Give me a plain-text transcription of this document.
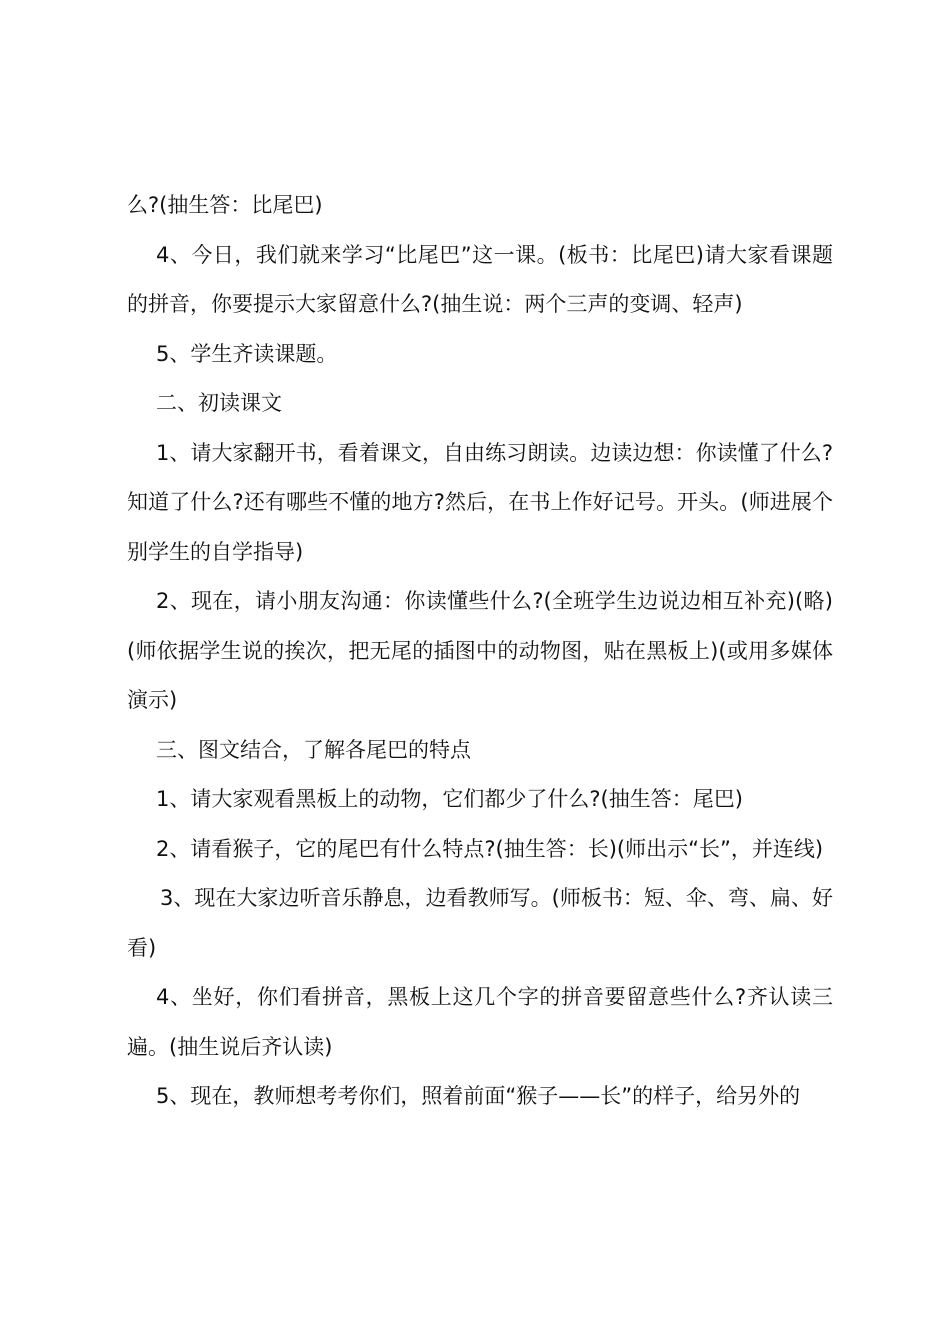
么?(抽生答：比尾巴)

4、今日，我们就来学习“比尾巴”这一课。(板书：比尾巴)请大家看课题的拼音，你要提示大家留意什么?(抽生说：两个三声的变调、轻声)

5、学生齐读课题。

二、初读课文

1、请大家翻开书，看着课文，自由练习朗读。边读边想：你读懂了什么?知道了什么?还有哪些不懂的地方?然后，在书上作好记号。开头。(师进展个别学生的自学指导)

2、现在，请小朋友沟通：你读懂些什么?(全班学生边说边相互补充)(略)(师依据学生说的挨次，把无尾的插图中的动物图，贴在黑板上)(或用多媒体演示)

三、图文结合，了解各尾巴的特点

1、请大家观看黑板上的动物，它们都少了什么?(抽生答：尾巴)

2、请看猴子，它的尾巴有什么特点?(抽生答：长)(师出示“长”，并连线)

3、现在大家边听音乐静息，边看教师写。(师板书：短、伞、弯、扁、好看)

4、坐好，你们看拼音，黑板上这几个字的拼音要留意些什么?齐认读三遍。(抽生说后齐认读)

5、现在，教师想考考你们，照着前面“猴子——长”的样子，给另外的
